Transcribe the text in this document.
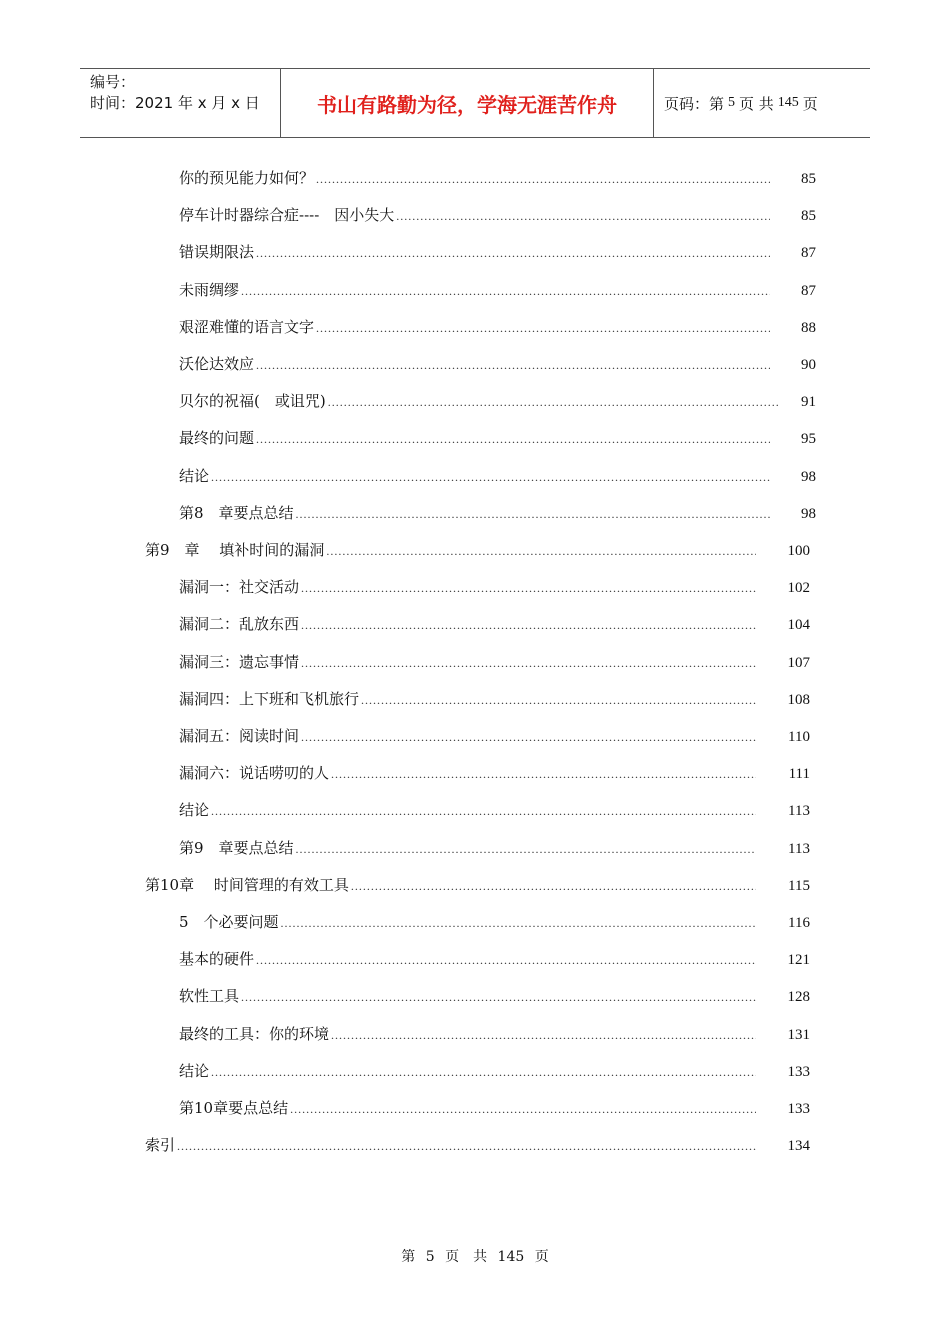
编号：
时间：2021 年 x 月 x 日	书山有路勤为径，学海无涯苦作舟	页码：第 5 页 共 145 页
你的预见能力如何？ .....	85
停车计时器综合症----　因小失大 .....	85
错误期限法 .....	87
未雨绸缪 .....	87
艰涩难懂的语言文字 .....	88
沃伦达效应 .....	90
贝尔的祝福(　或诅咒) .....	91
最终的问题 .....	95
结论 .....	98
第8　章要点总结 .....	98
第9　章　 填补时间的漏洞 .....	100
漏洞一：社交活动 .....	102
漏洞二：乱放东西 .....	104
漏洞三：遗忘事情 .....	107
漏洞四：上下班和飞机旅行 .....	108
漏洞五：阅读时间 .....	110
漏洞六：说话唠叨的人 .....	111
结论 .....	113
第9　章要点总结 .....	113
第10章　 时间管理的有效工具 .....	115
5　个必要问题 .....	116
基本的硬件 .....	121
软性工具 .....	128
最终的工具：你的环境 .....	131
结论 .....	133
第10章要点总结 .....	133
索引 .....	134
第 5 页　共 145 页
